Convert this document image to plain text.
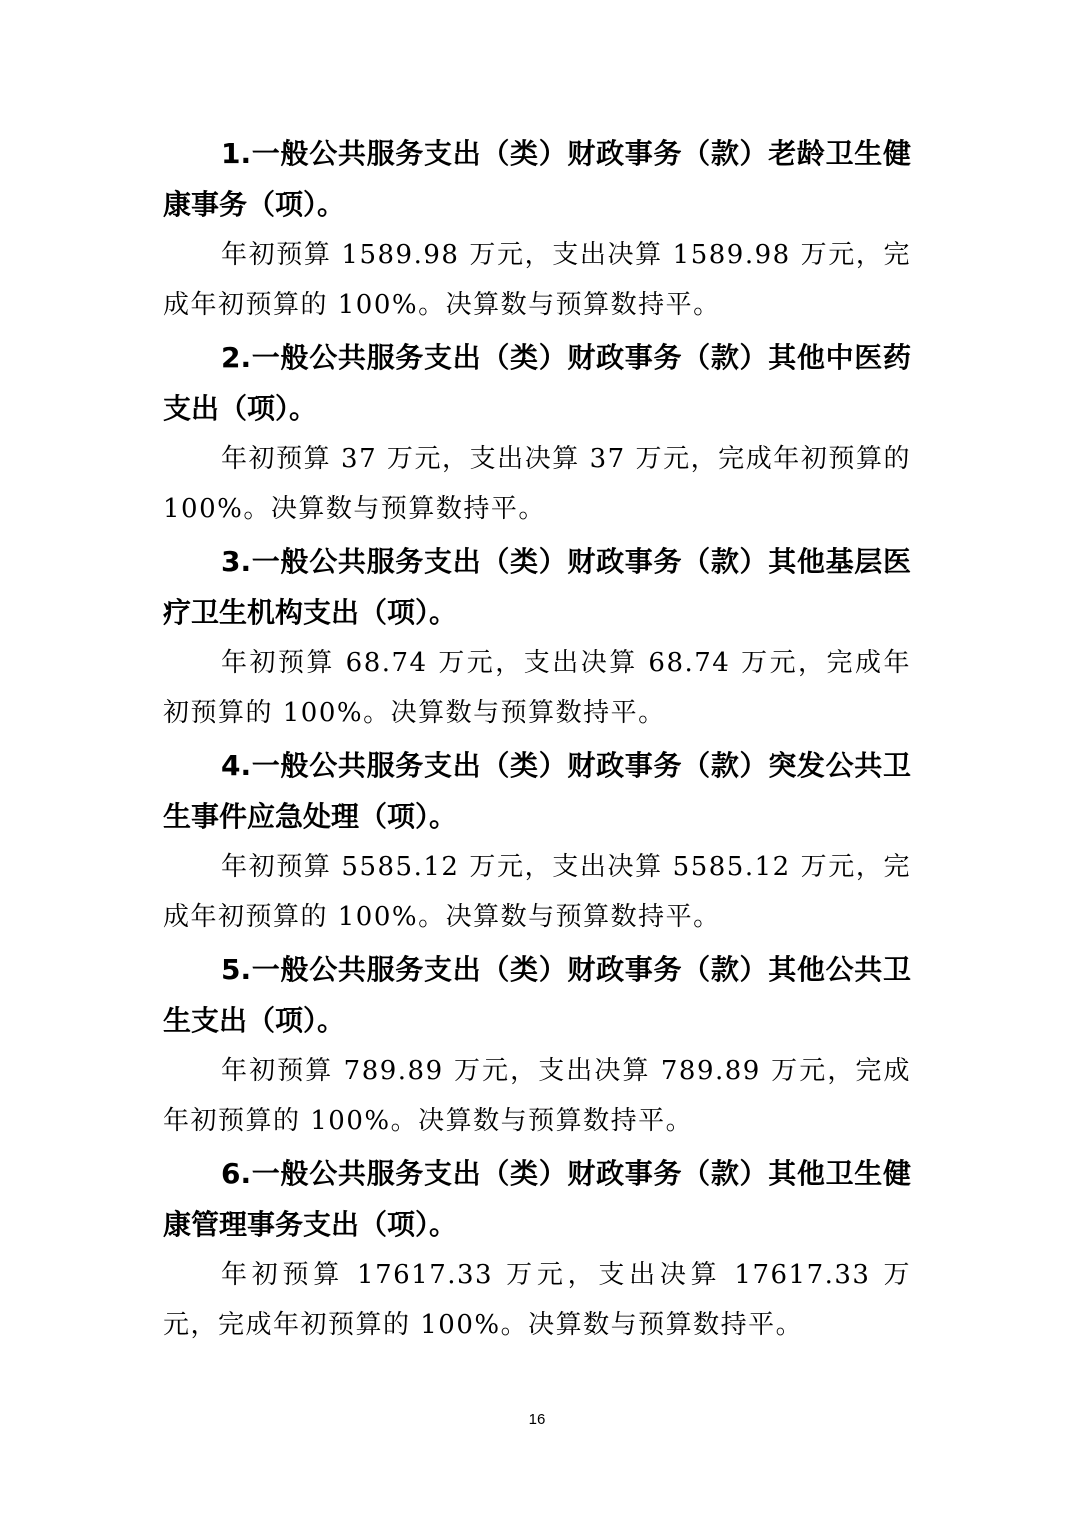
1.一般公共服务支出（类）财政事务（款）老龄卫生健康事务（项）。

年初预算 1589.98 万元，支出决算 1589.98 万元，完成年初预算的 100%。决算数与预算数持平。

2.一般公共服务支出（类）财政事务（款）其他中医药支出（项）。

年初预算 37 万元，支出决算 37 万元，完成年初预算的 100%。决算数与预算数持平。

3.一般公共服务支出（类）财政事务（款）其他基层医疗卫生机构支出（项）。

年初预算 68.74 万元，支出决算 68.74 万元，完成年初预算的 100%。决算数与预算数持平。

4.一般公共服务支出（类）财政事务（款）突发公共卫生事件应急处理（项）。

年初预算 5585.12 万元，支出决算 5585.12 万元，完成年初预算的 100%。决算数与预算数持平。

5.一般公共服务支出（类）财政事务（款）其他公共卫生支出（项）。

年初预算 789.89 万元，支出决算 789.89 万元，完成年初预算的 100%。决算数与预算数持平。

6.一般公共服务支出（类）财政事务（款）其他卫生健康管理事务支出（项）。

年初预算 17617.33 万元，支出决算 17617.33 万元，完成年初预算的 100%。决算数与预算数持平。

16
